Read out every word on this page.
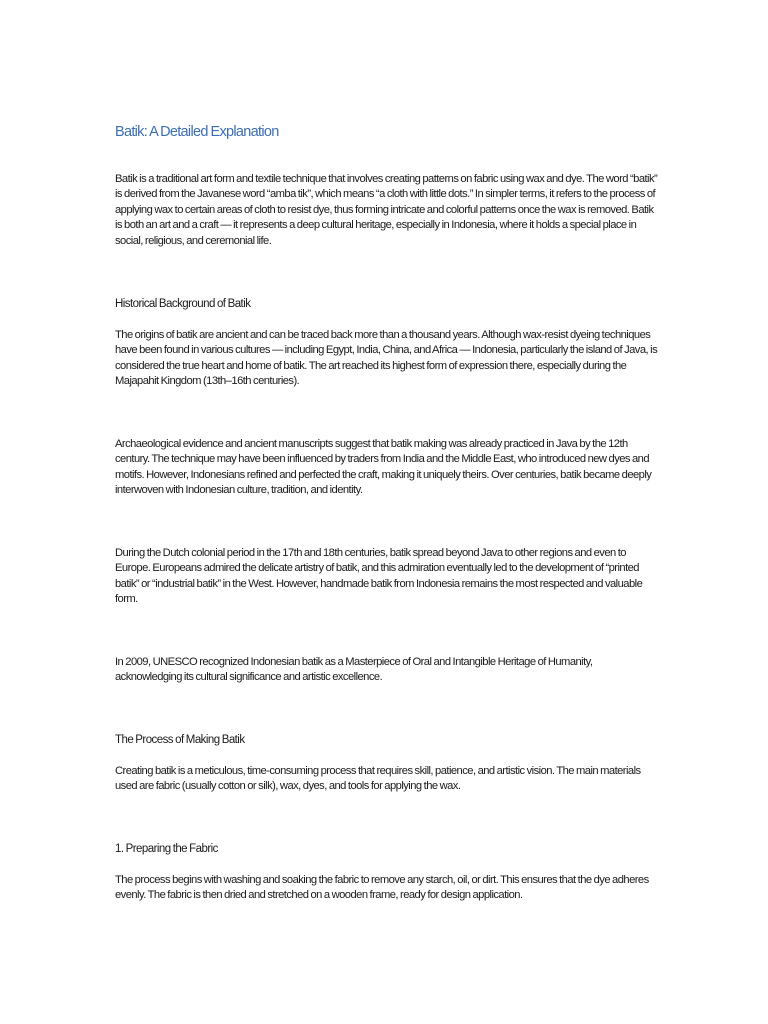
Batik: A Detailed Explanation

Batik is a traditional art form and textile technique that involves creating patterns on fabric using wax and dye. The word “batik” is derived from the Javanese word “amba tik”, which means “a cloth with little dots.” In simpler terms, it refers to the process of applying wax to certain areas of cloth to resist dye, thus forming intricate and colorful patterns once the wax is removed. Batik is both an art and a craft — it represents a deep cultural heritage, especially in Indonesia, where it holds a special place in social, religious, and ceremonial life.

Historical Background of Batik

The origins of batik are ancient and can be traced back more than a thousand years. Although wax-resist dyeing techniques have been found in various cultures — including Egypt, India, China, and Africa — Indonesia, particularly the island of Java, is considered the true heart and home of batik. The art reached its highest form of expression there, especially during the Majapahit Kingdom (13th–16th centuries).

Archaeological evidence and ancient manuscripts suggest that batik making was already practiced in Java by the 12th century. The technique may have been influenced by traders from India and the Middle East, who introduced new dyes and motifs. However, Indonesians refined and perfected the craft, making it uniquely theirs. Over centuries, batik became deeply interwoven with Indonesian culture, tradition, and identity.

During the Dutch colonial period in the 17th and 18th centuries, batik spread beyond Java to other regions and even to Europe. Europeans admired the delicate artistry of batik, and this admiration eventually led to the development of “printed batik” or “industrial batik” in the West. However, handmade batik from Indonesia remains the most respected and valuable form.

In 2009, UNESCO recognized Indonesian batik as a Masterpiece of Oral and Intangible Heritage of Humanity, acknowledging its cultural significance and artistic excellence.

The Process of Making Batik

Creating batik is a meticulous, time-consuming process that requires skill, patience, and artistic vision. The main materials used are fabric (usually cotton or silk), wax, dyes, and tools for applying the wax.

1. Preparing the Fabric

The process begins with washing and soaking the fabric to remove any starch, oil, or dirt. This ensures that the dye adheres evenly. The fabric is then dried and stretched on a wooden frame, ready for design application.
